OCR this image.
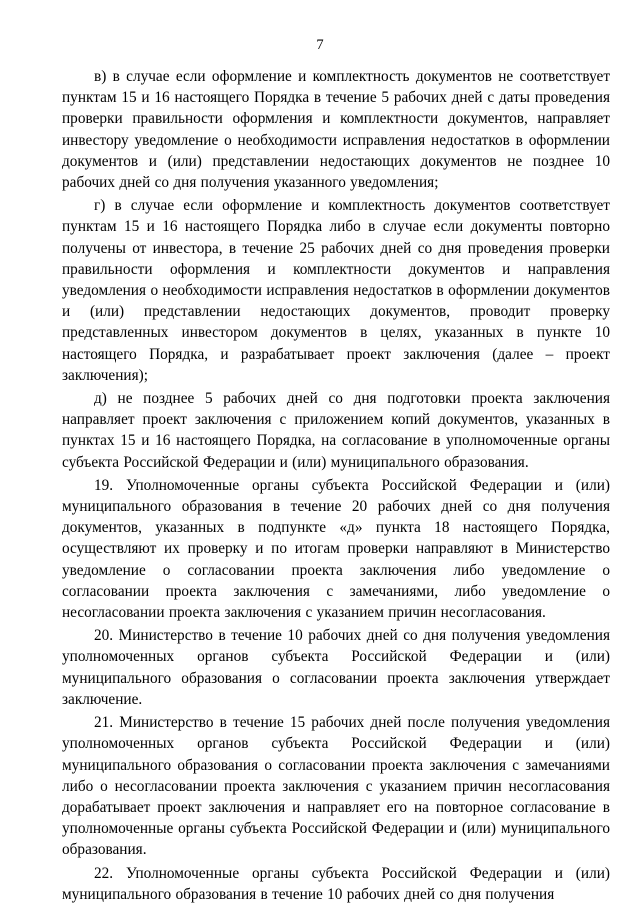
7

в) в случае если оформление и комплектность документов не соответствует пунктам 15 и 16 настоящего Порядка в течение 5 рабочих дней с даты проведения проверки правильности оформления и комплектности документов, направляет инвестору уведомление о необходимости исправления недостатков в оформлении документов и (или) представлении недостающих документов не позднее 10 рабочих дней со дня получения указанного уведомления;

г) в случае если оформление и комплектность документов соответствует пунктам 15 и 16 настоящего Порядка либо в случае если документы повторно получены от инвестора, в течение 25 рабочих дней со дня проведения проверки правильности оформления и комплектности документов и направления уведомления о необходимости исправления недостатков в оформлении документов и (или) представлении недостающих документов, проводит проверку представленных инвестором документов в целях, указанных в пункте 10 настоящего Порядка, и разрабатывает проект заключения (далее – проект заключения);

д) не позднее 5 рабочих дней со дня подготовки проекта заключения направляет проект заключения с приложением копий документов, указанных в пунктах 15 и 16 настоящего Порядка, на согласование в уполномоченные органы субъекта Российской Федерации и (или) муниципального образования.

19. Уполномоченные органы субъекта Российской Федерации и (или) муниципального образования в течение 20 рабочих дней со дня получения документов, указанных в подпункте «д» пункта 18 настоящего Порядка, осуществляют их проверку и по итогам проверки направляют в Министерство уведомление о согласовании проекта заключения либо уведомление о согласовании проекта заключения с замечаниями, либо уведомление о несогласовании проекта заключения с указанием причин несогласования.

20. Министерство в течение 10 рабочих дней со дня получения уведомления уполномоченных органов субъекта Российской Федерации и (или) муниципального образования о согласовании проекта заключения утверждает заключение.

21. Министерство в течение 15 рабочих дней после получения уведомления уполномоченных органов субъекта Российской Федерации и (или) муниципального образования о согласовании проекта заключения с замечаниями либо о несогласовании проекта заключения с указанием причин несогласования дорабатывает проект заключения и направляет его на повторное согласование в уполномоченные органы субъекта Российской Федерации и (или) муниципального образования.

22. Уполномоченные органы субъекта Российской Федерации и (или) муниципального образования в течение 10 рабочих дней со дня получения
